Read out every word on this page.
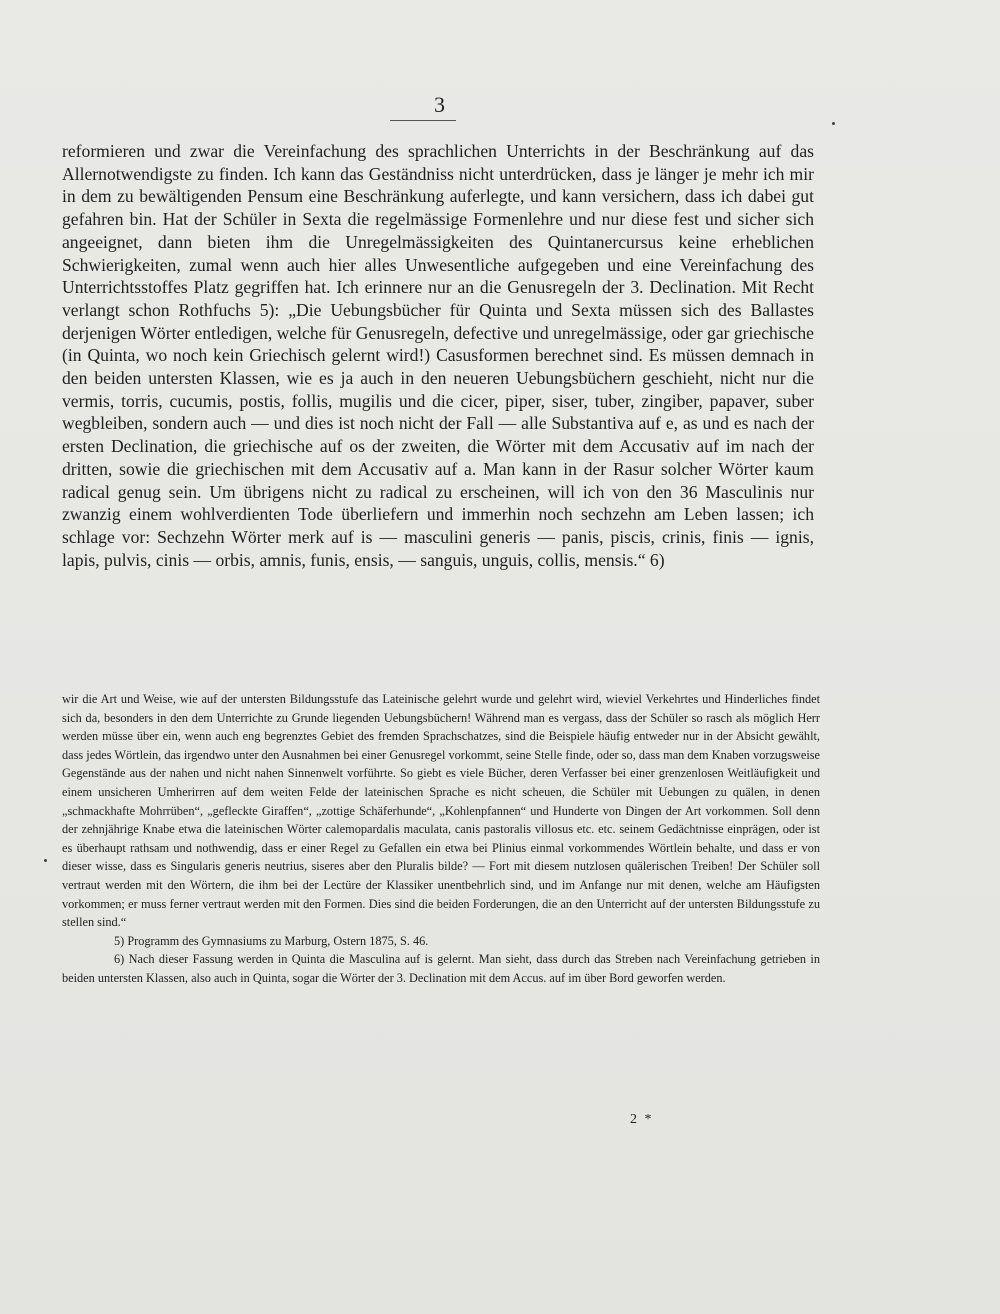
3

reformieren und zwar die Vereinfachung des sprachlichen Unterrichts in der Beschränkung auf das Allernotwendigste zu finden. Ich kann das Geständniss nicht unterdrücken, dass je länger je mehr ich mir in dem zu bewältigenden Pensum eine Beschränkung auferlegte, und kann versichern, dass ich dabei gut gefahren bin. Hat der Schüler in Sexta die regelmässige Formenlehre und nur diese fest und sicher sich angeeignet, dann bieten ihm die Unregelmässigkeiten des Quintanercursus keine erheblichen Schwierigkeiten, zumal wenn auch hier alles Unwesentliche aufgegeben und eine Vereinfachung des Unterrichtsstoffes Platz gegriffen hat. Ich erinnere nur an die Genusregeln der 3. Declination. Mit Recht verlangt schon Rothfuchs 5): „Die Uebungsbücher für Quinta und Sexta müssen sich des Ballastes derjenigen Wörter entledigen, welche für Genusregeln, defective und unregelmässige, oder gar griechische (in Quinta, wo noch kein Griechisch gelernt wird!) Casusformen berechnet sind. Es müssen demnach in den beiden untersten Klassen, wie es ja auch in den neueren Uebungsbüchern geschieht, nicht nur die vermis, torris, cucumis, postis, follis, mugilis und die cicer, piper, siser, tuber, zingiber, papaver, suber wegbleiben, sondern auch — und dies ist noch nicht der Fall — alle Substantiva auf e, as und es nach der ersten Declination, die griechische auf os der zweiten, die Wörter mit dem Accusativ auf im nach der dritten, sowie die griechischen mit dem Accusativ auf a. Man kann in der Rasur solcher Wörter kaum radical genug sein. Um übrigens nicht zu radical zu erscheinen, will ich von den 36 Masculinis nur zwanzig einem wohlverdienten Tode überliefern und immerhin noch sechzehn am Leben lassen; ich schlage vor: Sechzehn Wörter merk auf is — masculini generis — panis, piscis, crinis, finis — ignis, lapis, pulvis, cinis — orbis, amnis, funis, ensis, — sanguis, unguis, collis, mensis.“ 6)

wir die Art und Weise, wie auf der untersten Bildungsstufe das Lateinische gelehrt wurde und gelehrt wird, wieviel Verkehrtes und Hinderliches findet sich da, besonders in den dem Unterrichte zu Grunde liegenden Uebungsbüchern! Während man es vergass, dass der Schüler so rasch als möglich Herr werden müsse über ein, wenn auch eng begrenztes Gebiet des fremden Sprachschatzes, sind die Beispiele häufig entweder nur in der Absicht gewählt, dass jedes Wörtlein, das irgendwo unter den Ausnahmen bei einer Genusregel vorkommt, seine Stelle finde, oder so, dass man dem Knaben vorzugsweise Gegenstände aus der nahen und nicht nahen Sinnenwelt vorführte. So giebt es viele Bücher, deren Verfasser bei einer grenzenlosen Weitläufigkeit und einem unsicheren Umherirren auf dem weiten Felde der lateinischen Sprache es nicht scheuen, die Schüler mit Uebungen zu quälen, in denen „schmackhafte Mohrrüben“, „gefleckte Giraffen“, „zottige Schäferhunde“, „Kohlenpfannen“ und Hunderte von Dingen der Art vorkommen. Soll denn der zehnjährige Knabe etwa die lateinischen Wörter calemopardalis maculata, canis pastoralis villosus etc. etc. seinem Gedächtnisse einprägen, oder ist es überhaupt rathsam und nothwendig, dass er einer Regel zu Gefallen ein etwa bei Plinius einmal vorkommendes Wörtlein behalte, und dass er von dieser wisse, dass es Singularis generis neutrius, siseres aber den Pluralis bilde? — Fort mit diesem nutzlosen quälerischen Treiben! Der Schüler soll vertraut werden mit den Wörtern, die ihm bei der Lectüre der Klassiker unentbehrlich sind, und im Anfange nur mit denen, welche am Häufigsten vorkommen; er muss ferner vertraut werden mit den Formen. Dies sind die beiden Forderungen, die an den Unterricht auf der untersten Bildungsstufe zu stellen sind.“

5) Programm des Gymnasiums zu Marburg, Ostern 1875, S. 46.

6) Nach dieser Fassung werden in Quinta die Masculina auf is gelernt. Man sieht, dass durch das Streben nach Vereinfachung getrieben in beiden untersten Klassen, also auch in Quinta, sogar die Wörter der 3. Declination mit dem Accus. auf im über Bord geworfen werden.

2 *
